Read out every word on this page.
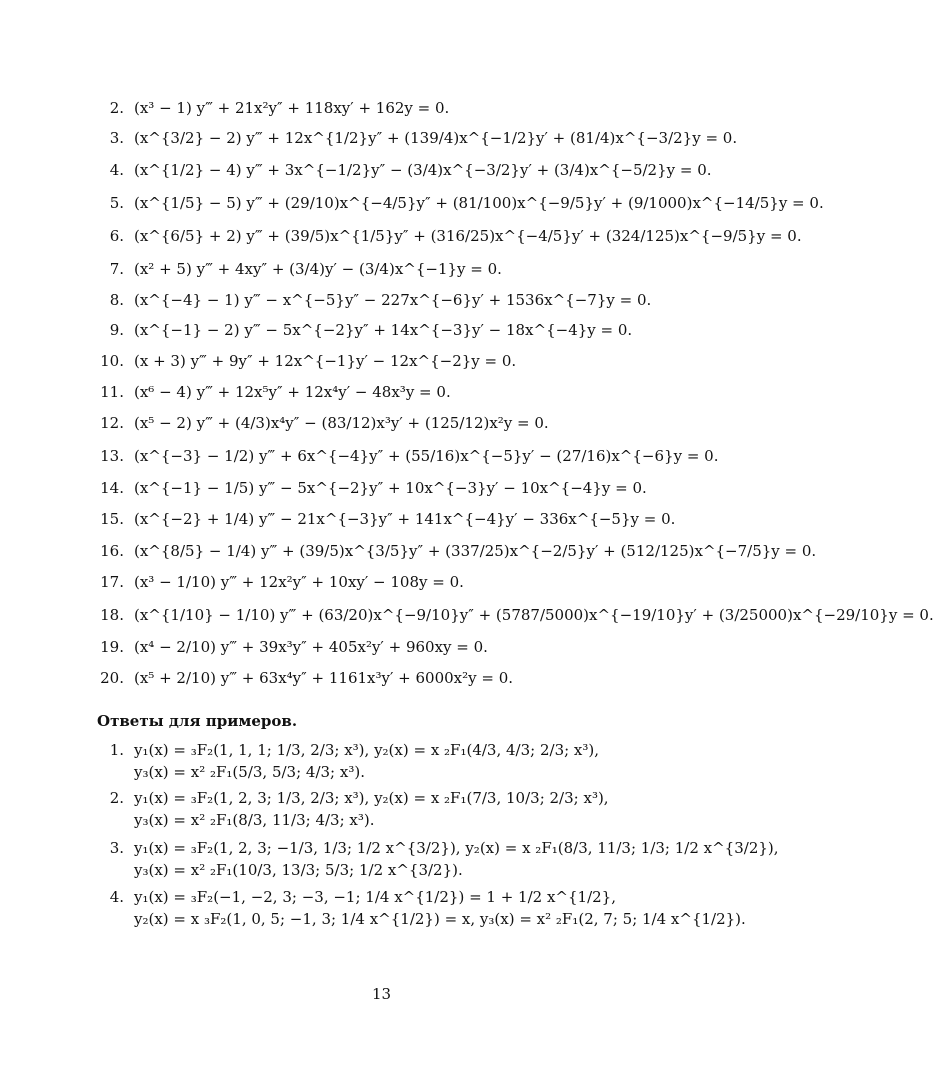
2. (x³ − 1) y‴ + 21x²y″ + 118xy′ + 162y = 0.
3. (x^{3/2} − 2) y‴ + 12x^{1/2}y″ + (139/4)x^{−1/2}y′ + (81/4)x^{−3/2}y = 0.
4. (x^{1/2} − 4) y‴ + 3x^{−1/2}y″ − (3/4)x^{−3/2}y′ + (3/4)x^{−5/2}y = 0.
5. (x^{1/5} − 5) y‴ + (29/10)x^{−4/5}y″ + (81/100)x^{−9/5}y′ + (9/1000)x^{−14/5}y = 0.
6. (x^{6/5} + 2) y‴ + (39/5)x^{1/5}y″ + (316/25)x^{−4/5}y′ + (324/125)x^{−9/5}y = 0.
7. (x² + 5) y‴ + 4xy″ + (3/4)y′ − (3/4)x^{−1}y = 0.
8. (x^{−4} − 1) y‴ − x^{−5}y″ − 227x^{−6}y′ + 1536x^{−7}y = 0.
9. (x^{−1} − 2) y‴ − 5x^{−2}y″ + 14x^{−3}y′ − 18x^{−4}y = 0.
10. (x + 3) y‴ + 9y″ + 12x^{−1}y′ − 12x^{−2}y = 0.
11. (x⁶ − 4) y‴ + 12x⁵y″ + 12x⁴y′ − 48x³y = 0.
12. (x⁵ − 2) y‴ + (4/3)x⁴y″ − (83/12)x³y′ + (125/12)x²y = 0.
13. (x^{−3} − 1/2) y‴ + 6x^{−4}y″ + (55/16)x^{−5}y′ − (27/16)x^{−6}y = 0.
14. (x^{−1} − 1/5) y‴ − 5x^{−2}y″ + 10x^{−3}y′ − 10x^{−4}y = 0.
15. (x^{−2} + 1/4) y‴ − 21x^{−3}y″ + 141x^{−4}y′ − 336x^{−5}y = 0.
16. (x^{8/5} − 1/4) y‴ + (39/5)x^{3/5}y″ + (337/25)x^{−2/5}y′ + (512/125)x^{−7/5}y = 0.
17. (x³ − 1/10) y‴ + 12x²y″ + 10xy′ − 108y = 0.
18. (x^{1/10} − 1/10) y‴ + (63/20)x^{−9/10}y″ + (5787/5000)x^{−19/10}y′ + (3/25000)x^{−29/10}y = 0.
19. (x⁴ − 2/10) y‴ + 39x³y″ + 405x²y′ + 960xy = 0.
20. (x⁵ + 2/10) y‴ + 63x⁴y″ + 1161x³y′ + 6000x²y = 0.
Ответы для примеров.
1. y₁(x) = ₃F₂(1, 1, 1; 1/3, 2/3; x³), y₂(x) = x ₂F₁(4/3, 4/3; 2/3; x³),
y₃(x) = x² ₂F₁(5/3, 5/3; 4/3; x³).
2. y₁(x) = ₃F₂(1, 2, 3; 1/3, 2/3; x³), y₂(x) = x ₂F₁(7/3, 10/3; 2/3; x³),
y₃(x) = x² ₂F₁(8/3, 11/3; 4/3; x³).
3. y₁(x) = ₃F₂(1, 2, 3; −1/3, 1/3; 1/2 x^{3/2}), y₂(x) = x ₂F₁(8/3, 11/3; 1/3; 1/2 x^{3/2}),
y₃(x) = x² ₂F₁(10/3, 13/3; 5/3; 1/2 x^{3/2}).
4. y₁(x) = ₃F₂(−1, −2, 3; −3, −1; 1/4 x^{1/2}) = 1 + 1/2 x^{1/2},
y₂(x) = x ₃F₂(1, 0, 5; −1, 3; 1/4 x^{1/2}) = x, y₃(x) = x² ₂F₁(2, 7; 5; 1/4 x^{1/2}).
13
